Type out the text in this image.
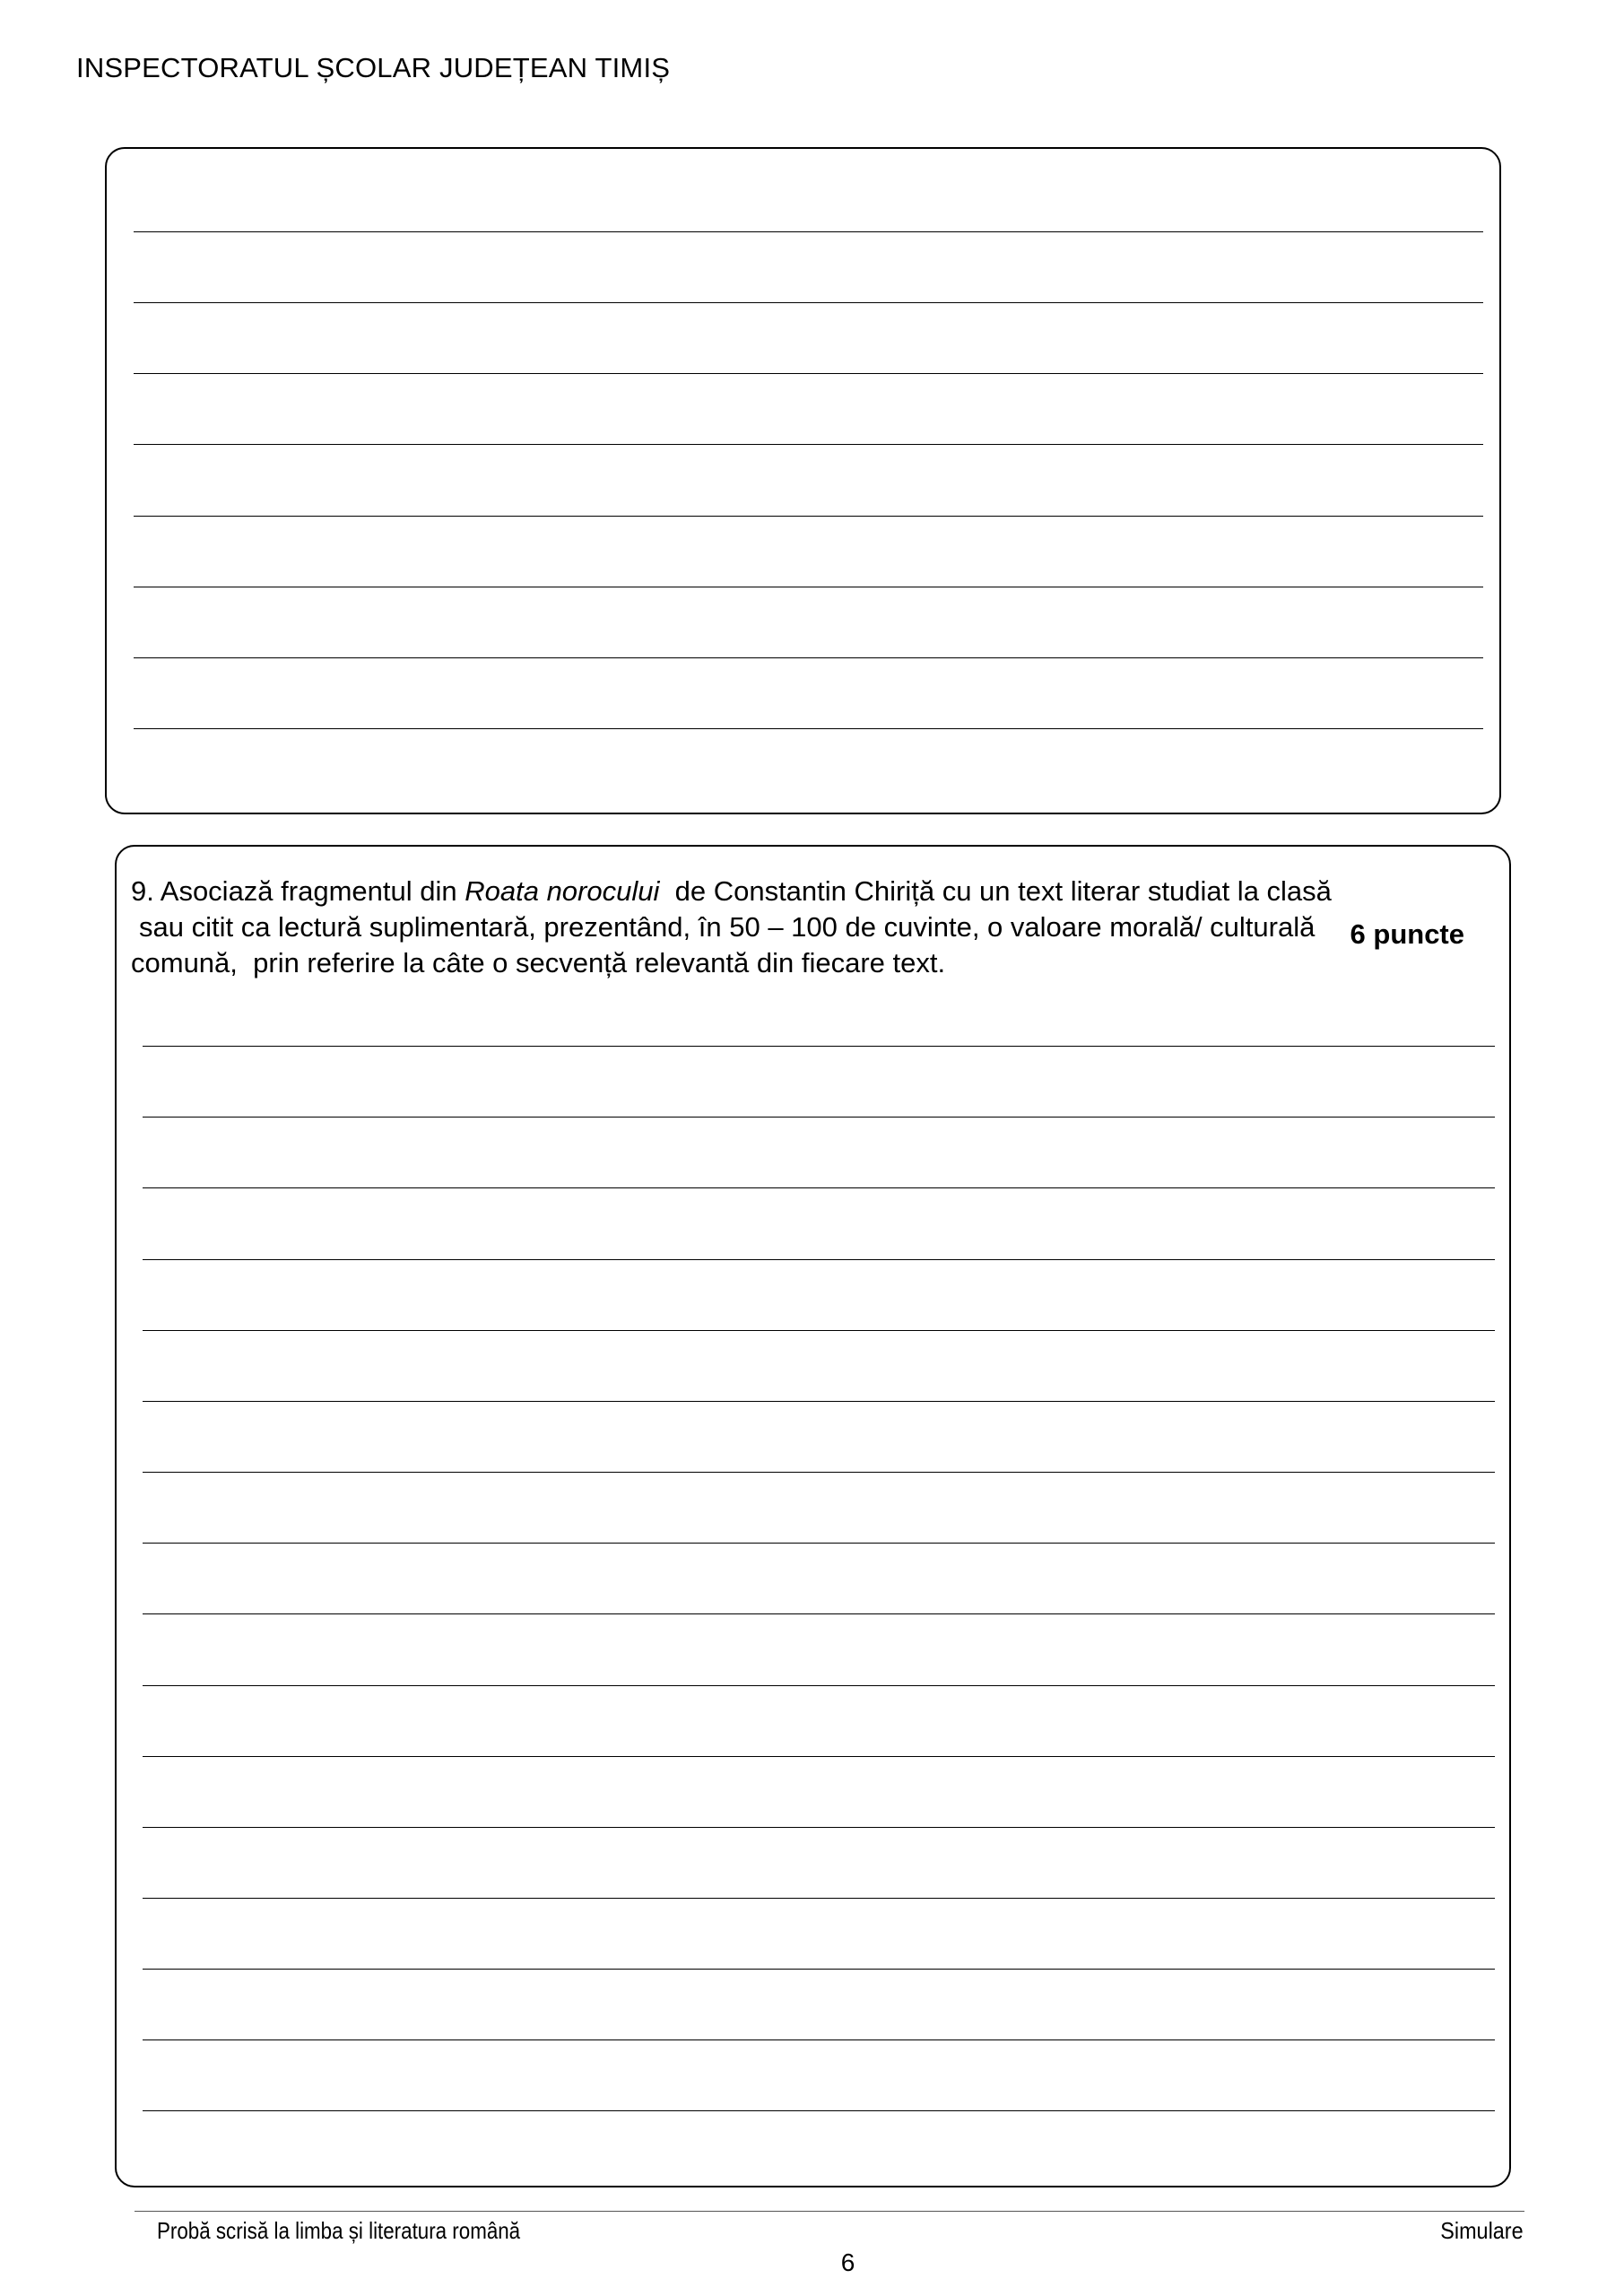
INSPECTORATUL ȘCOLAR JUDEȚEAN TIMIȘ
9. Asociază fragmentul din Roata norocului  de Constantin Chiriță cu un text literar studiat la clasă
sau citit ca lectură suplimentară, prezentând, în 50 – 100 de cuvinte, o valoare morală/ culturală
comună,  prin referire la câte o secvență relevantă din fiecare text.
6 puncte
Probă scrisă la limba și literatura română	Simulare
6
